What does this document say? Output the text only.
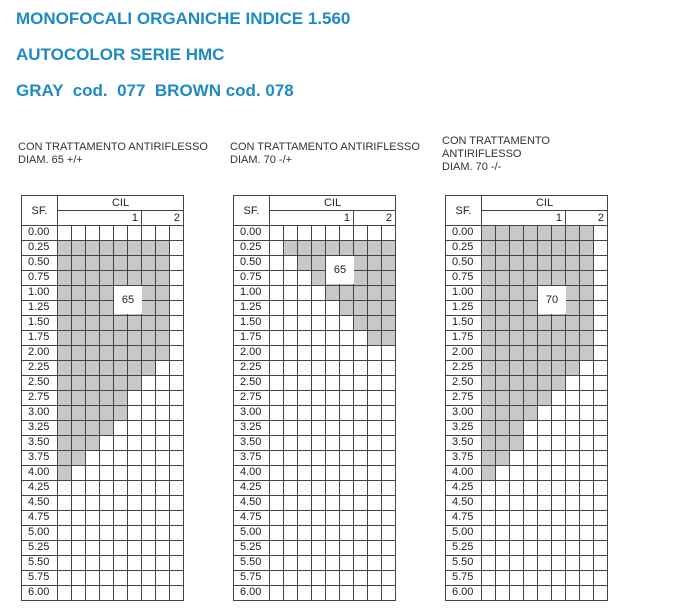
MONOFOCALI ORGANICHE INDICE 1.560
AUTOCOLOR SERIE HMC
GRAY  cod.  077  BROWN cod. 078
CON TRATTAMENTO ANTIRIFLESSO
DIAM. 65 +/+
CON TRATTAMENTO ANTIRIFLESSO
DIAM. 70 -/+
CON TRATTAMENTO
ANTIRIFLESSO
DIAM. 70 -/-
SF.
CIL
1	2
0.00
0.25
0.50
0.75
1.00
1.25
1.50
1.75
2.00
2.25
2.50
2.75
3.00
3.25
3.50
3.75
4.00
4.25
4.50
4.75
5.00
5.25
5.50
5.75
6.00
65
SF.
CIL
1	2
0.00
0.25
0.50
0.75
1.00
1.25
1.50
1.75
2.00
2.25
2.50
2.75
3.00
3.25
3.50
3.75
4.00
4.25
4.50
4.75
5.00
5.25
5.50
5.75
6.00
65
SF.
CIL
1	2
0.00
0.25
0.50
0.75
1.00
1.25
1.50
1.75
2.00
2.25
2.50
2.75
3.00
3.25
3.50
3.75
4.00
4.25
4.50
4.75
5.00
5.25
5.50
5.75
6.00
70
